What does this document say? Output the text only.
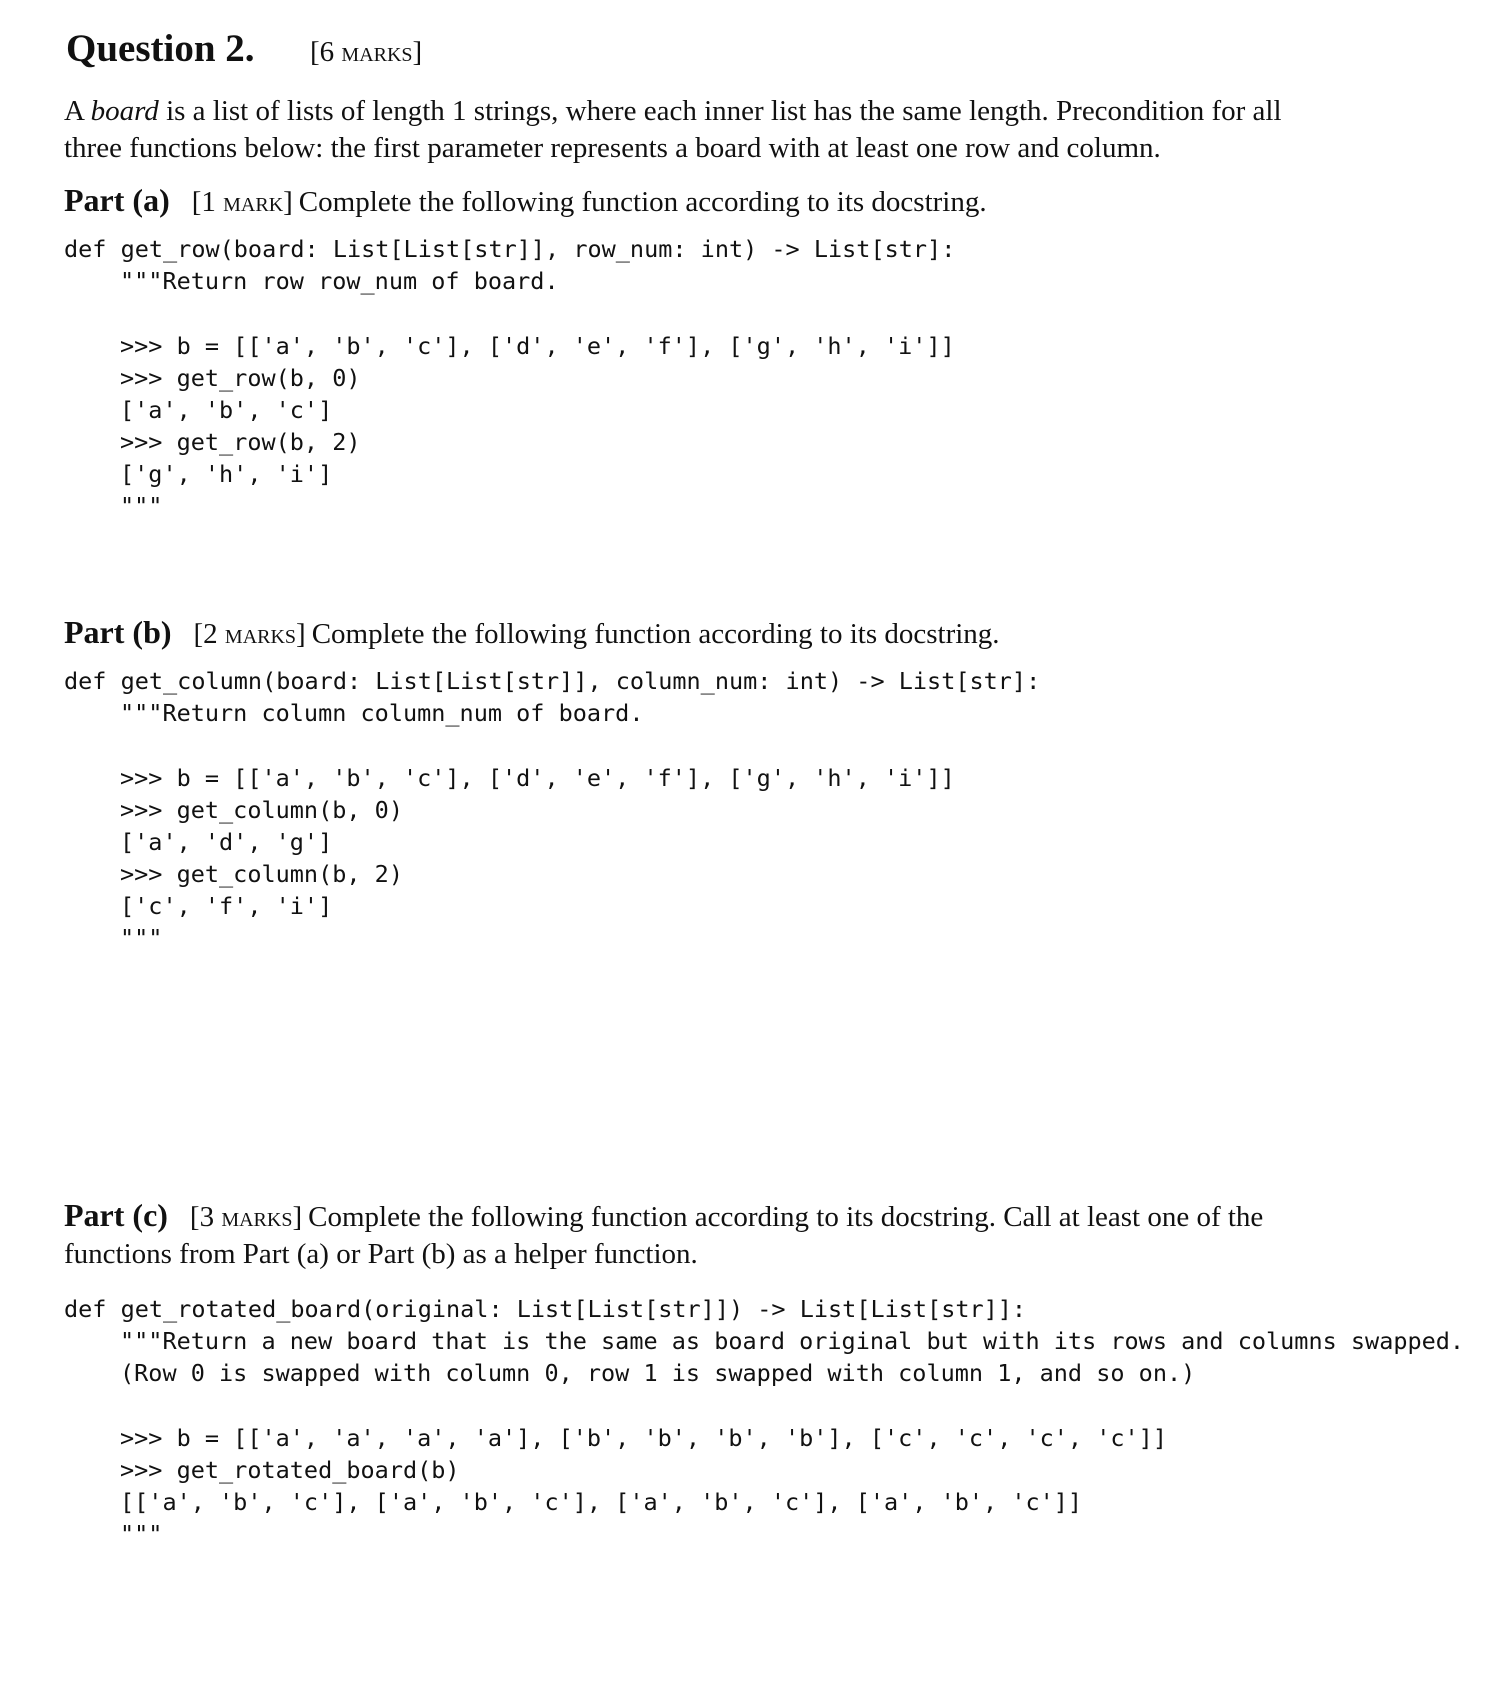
Question 2. [6 marks]
A board is a list of lists of length 1 strings, where each inner list has the same length. Precondition for all
three functions below: the first parameter represents a board with at least one row and column.
Part (a) [1 mark] Complete the following function according to its docstring.
def get_row(board: List[List[str]], row_num: int) -> List[str]:
"""Return row row_num of board.
>>> b = [['a', 'b', 'c'], ['d', 'e', 'f'], ['g', 'h', 'i']]
>>> get_row(b, 0)
['a', 'b', 'c']
>>> get_row(b, 2)
['g', 'h', 'i']
"""
Part (b) [2 marks] Complete the following function according to its docstring.
def get_column(board: List[List[str]], column_num: int) -> List[str]:
"""Return column column_num of board.
>>> b = [['a', 'b', 'c'], ['d', 'e', 'f'], ['g', 'h', 'i']]
>>> get_column(b, 0)
['a', 'd', 'g']
>>> get_column(b, 2)
['c', 'f', 'i']
"""
Part (c) [3 marks] Complete the following function according to its docstring. Call at least one of the
functions from Part (a) or Part (b) as a helper function.
def get_rotated_board(original: List[List[str]]) -> List[List[str]]:
"""Return a new board that is the same as board original but with its rows and columns swapped.
(Row 0 is swapped with column 0, row 1 is swapped with column 1, and so on.)
>>> b = [['a', 'a', 'a', 'a'], ['b', 'b', 'b', 'b'], ['c', 'c', 'c', 'c']]
>>> get_rotated_board(b)
[['a', 'b', 'c'], ['a', 'b', 'c'], ['a', 'b', 'c'], ['a', 'b', 'c']]
"""
